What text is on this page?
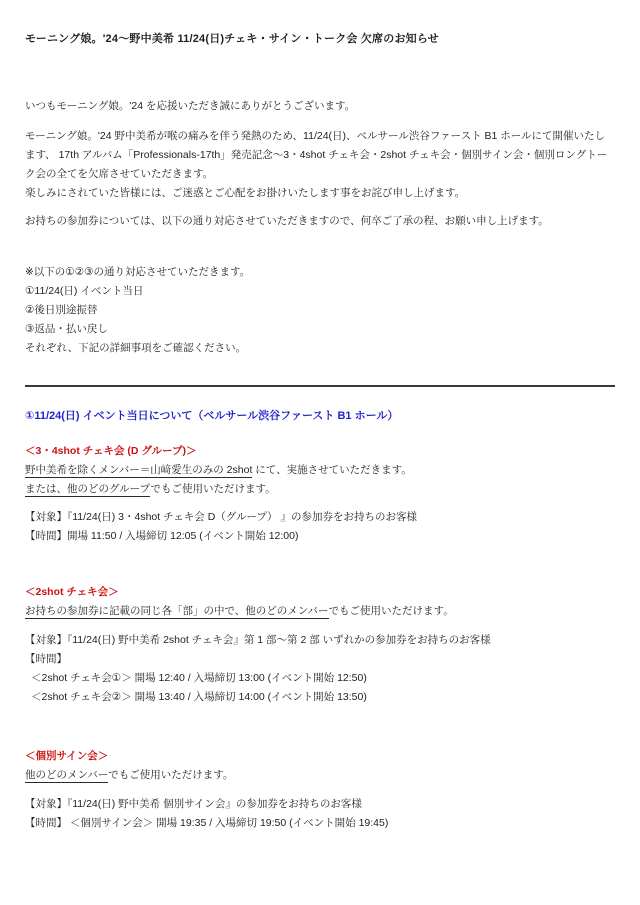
モーニング娘。'24～野中美希 11/24(日)チェキ・サイン・トーク会 欠席のお知らせ
いつもモーニング娘。'24 を応援いただき誠にありがとうございます。
モーニング娘。'24 野中美希が喉の痛みを伴う発熱のため、11/24(日)、ベルサール渋谷ファースト B1 ホールにて開催いたします、 17th アルバム「Professionals-17th」発売記念～3・4shot チェキ会・2shot チェキ会・個別サイン会・個別ロングトーク会の全てを欠席させていただきます。
楽しみにされていた皆様には、ご迷惑とご心配をお掛けいたします事をお詫び申し上げます。
お持ちの参加券については、以下の通り対応させていただきますので、何卒ご了承の程、お願い申し上げます。
※以下の①②③の通り対応させていただきます。
①11/24(日) イベント当日
②後日別途振替
③返品・払い戻し
それぞれ、下記の詳細事項をご確認ください。
①11/24(日) イベント当日について（ベルサール渋谷ファースト B1 ホール）
＜3・4shot チェキ会 (D グループ)＞
野中美希を除くメンバー＝山﨑愛生のみの 2shot にて、実施させていただきます。
または、他のどのグループでもご使用いただけます。
【対象】『11/24(日) 3・4shot チェキ会 D（グループ） 』の参加券をお持ちのお客様
【時間】開場 11:50 / 入場締切 12:05 (イベント開始 12:00)
＜2shot チェキ会＞
お持ちの参加券に記載の同じ各「部」の中で、他のどのメンバーでもご使用いただけます。
【対象】『11/24(日) 野中美希 2shot チェキ会』第 1 部～第 2 部 いずれかの参加券をお持ちのお客様
【時間】
＜2shot チェキ会①＞ 開場 12:40 / 入場締切 13:00 (イベント開始 12:50)
＜2shot チェキ会②＞ 開場 13:40 / 入場締切 14:00 (イベント開始 13:50)
＜個別サイン会＞
他のどのメンバーでもご使用いただけます。
【対象】『11/24(日) 野中美希 個別サイン会』の参加券をお持ちのお客様
【時間】 ＜個別サイン会＞ 開場 19:35 / 入場締切 19:50 (イベント開始 19:45)
